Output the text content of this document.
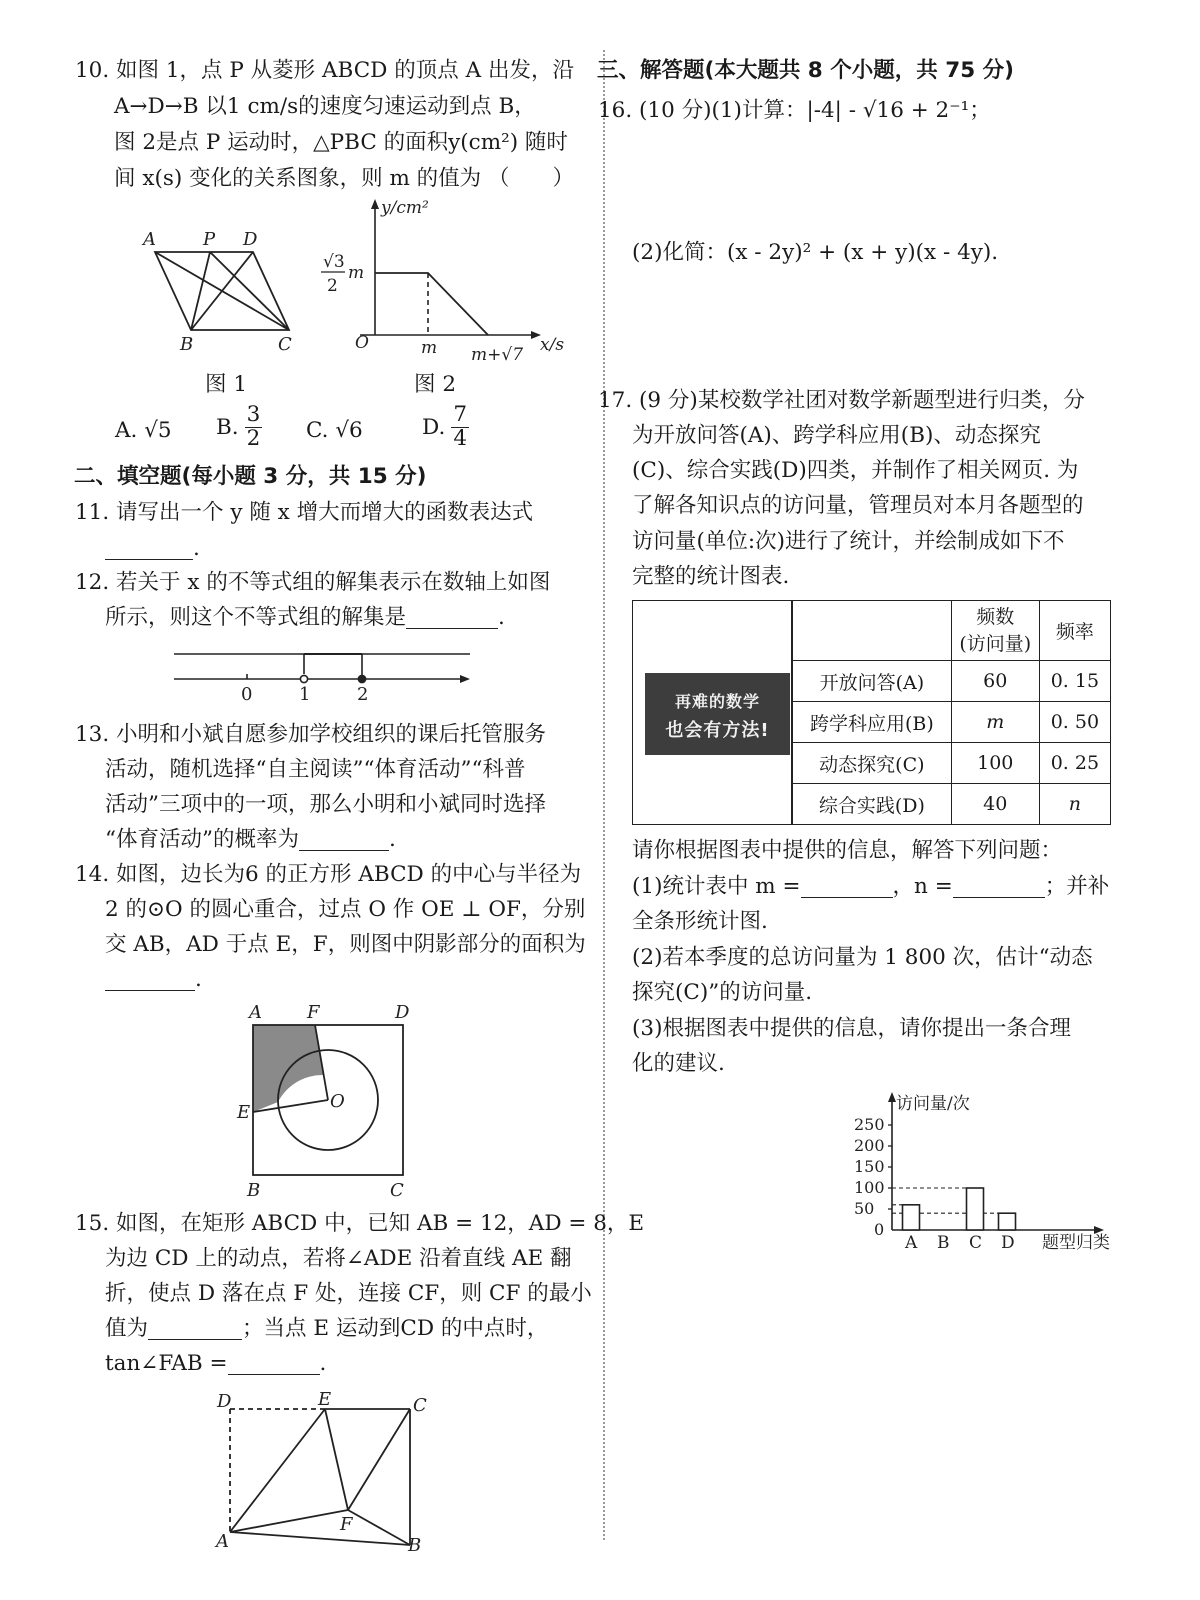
10. 如图 1，点 P 从菱形 ABCD 的顶点 A 出发，沿
A→D→B 以1 cm/s的速度匀速运动到点 B，
图 2是点 P 运动时，△PBC 的面积y(cm²) 随时
间 x(s) 变化的关系图象，则 m 的值为 （　　）
A	P D
B	C
图 1
y/cm²
x/s
O
√3
2
m
m m+√7
图 2
A. √5 B.
3
2 C. √6	D.
7
4
二、填空题(每小题 3 分，共 15 分)
11. 请写出一个 y 随 x 增大而增大的函数表达式
.
12. 若关于 x 的不等式组的解集表示在数轴上如图
所示，则这个不等式组的解集是	.
0	1	2
13. 小明和小斌自愿参加学校组织的课后托管服务
活动，随机选择“自主阅读”“体育活动”“科普
活动”三项中的一项，那么小明和小斌同时选择
“体育活动”的概率为	.
14. 如图，边长为6 的正方形 ABCD 的中心与半径为
2 的⊙O 的圆心重合，过点 O 作 OE ⊥ OF，分别
交 AB，AD 于点 E，F，则图中阴影部分的面积为
.
A	F	D
E
O
B	C
15. 如图，在矩形 ABCD 中，已知 AB = 12，AD = 8，E
为边 CD 上的动点，若将∠ADE 沿着直线 AE 翻
折，使点 D 落在点 F 处，连接 CF，则 CF 的最小
值为	；当点 E 运动到CD 的中点时，
tan∠FAB =	.
D	E	C
F
A	B
三、解答题(本大题共 8 个小题，共 75 分)
16. (10 分)(1)计算：|-4| - √16 + 2⁻¹；
(2)化简：(x - 2y)² + (x + y)(x - 4y).
17. (9 分)某校数学社团对数学新题型进行归类，分
为开放问答(A)、跨学科应用(B)、动态探究
(C)、综合实践(D)四类，并制作了相关网页. 为
了解各知识点的访问量，管理员对本月各题型的
访问量(单位:次)进行了统计，并绘制成如下不
完整的统计图表.
再难的数学
也会有方法!

	频数
(访问量)	频率
开放问答(A)	60	0. 15
跨学科应用(B)	m	0. 50
动态探究(C)	100	0. 25
综合实践(D)	40	n
请你根据图表中提供的信息，解答下列问题：
(1)统计表中 m =	，n =	；并补
全条形统计图.
(2)若本季度的总访问量为 1 800 次，估计“动态
探究(C)”的访问量.
(3)根据图表中提供的信息，请你提出一条合理
化的建议.
250
200
150
100
50
0
A B C D
访问量/次
题型归类
